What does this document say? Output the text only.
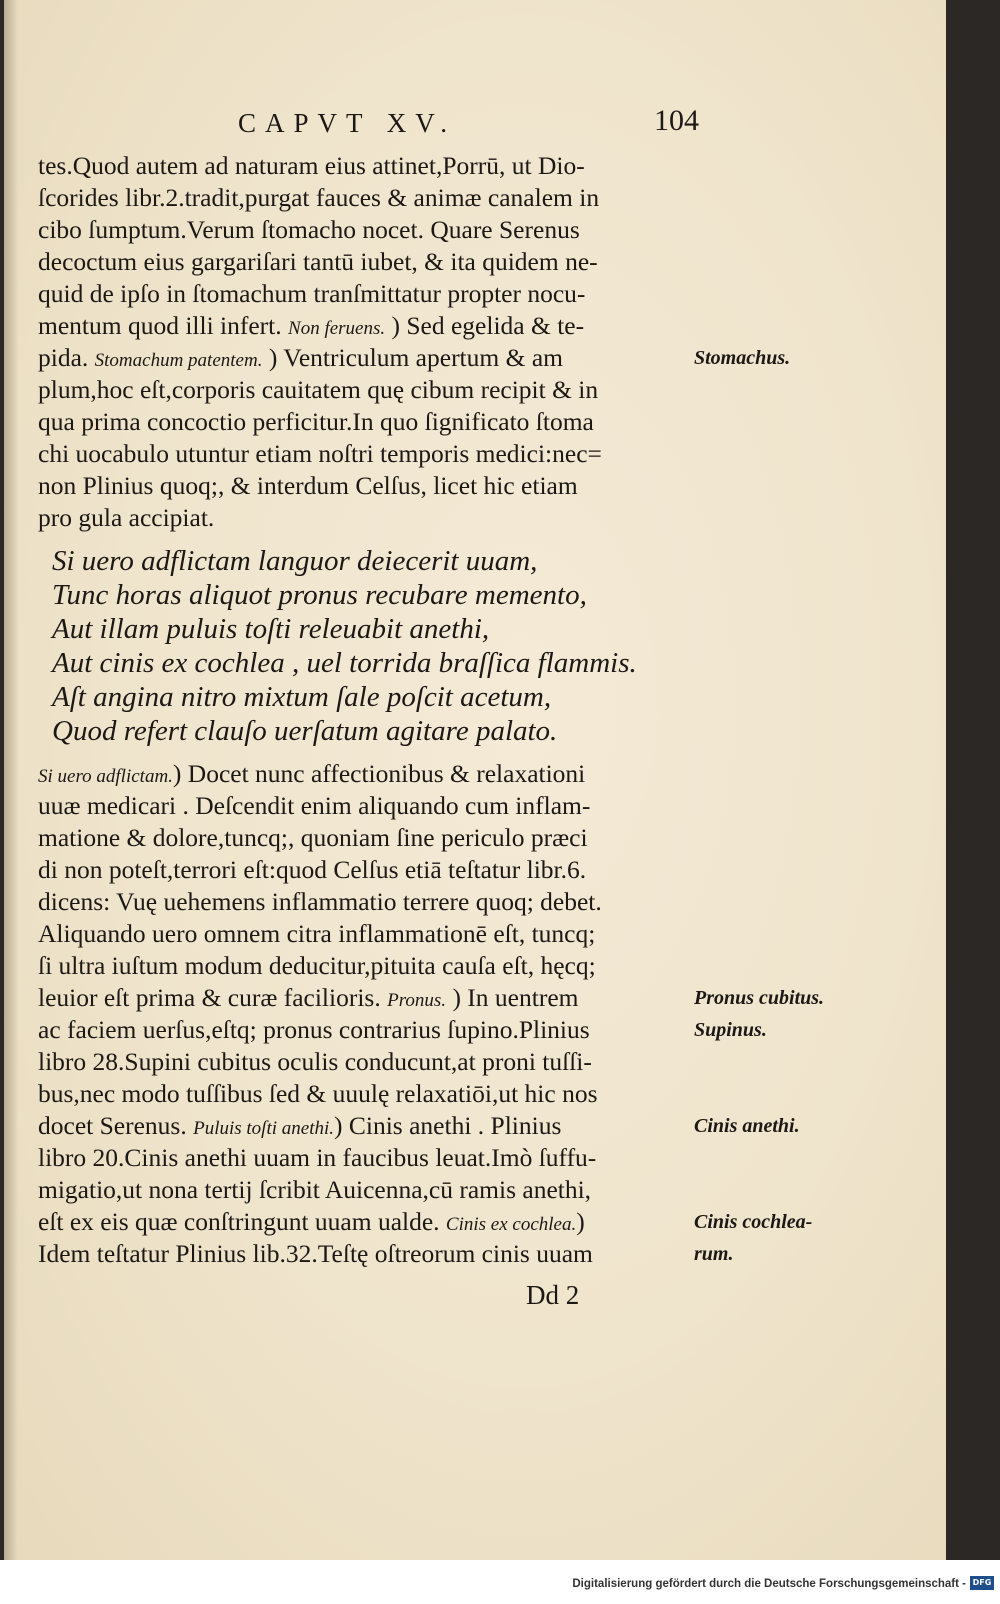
CAPVT XV.	104
tes.Quod autem ad naturam eius attinet,Porrū, ut Dio-
ſcorides libr.2.tradit,purgat fauces & animæ canalem in
cibo ſumptum.Verum ſtomacho nocet. Quare Serenus
decoctum eius gargariſari tantū iubet, & ita quidem ne-
quid de ipſo in ſtomachum tranſmittatur propter nocu-
mentum quod illi infert. Non feruens. ) Sed egelida & te-
pida. Stomachum patentem. ) Ventriculum apertum & am
plum,hoc eſt,corporis cauitatem quę cibum recipit & in
qua prima concoctio perficitur.In quo ſignificato ſtoma
chi uocabulo utuntur etiam noſtri temporis medici:nec=
non Plinius quoq;, & interdum Celſus, licet hic etiam
pro gula accipiat.
Si uero adflictam languor deiecerit uuam,
Tunc horas aliquot pronus recubare memento,
Aut illam puluis toſti releuabit anethi,
Aut cinis ex cochlea , uel torrida braſſica flammis.
Aſt angina nitro mixtum ſale poſcit acetum,
Quod refert clauſo uerſatum agitare palato.
Si uero adflictam.) Docet nunc affectionibus & relaxationi
uuæ medicari . Deſcendit enim aliquando cum inflam-
matione & dolore,tuncq;, quoniam ſine periculo præci
di non poteſt,terrori eſt:quod Celſus etiā teſtatur libr.6.
dicens: Vuę uehemens inflammatio terrere quoq; debet.
Aliquando uero omnem citra inflammationē eſt, tuncq;
ſi ultra iuſtum modum deducitur,pituita cauſa eſt, hęcq;
leuior eſt prima & curæ facilioris. Pronus. ) In uentrem
ac faciem uerſus,eſtq; pronus contrarius ſupino.Plinius
libro 28.Supini cubitus oculis conducunt,at proni tuſſi-
bus,nec modo tuſſibus ſed & uuulę relaxatiōi,ut hic nos
docet Serenus. Puluis toſti anethi.) Cinis anethi . Plinius
libro 20.Cinis anethi uuam in faucibus leuat.Imò ſuffu-
migatio,ut nona tertij ſcribit Auicenna,cū ramis anethi,
eſt ex eis quæ conſtringunt uuam ualde. Cinis ex cochlea.)
Idem teſtatur Plinius lib.32.Teſtę oſtreorum cinis uuam
Stomachus.
Pronus cubitus.
Supinus.
Cinis anethi.
Cinis cochlea-
rum.
Dd 2
Digitalisierung gefördert durch die Deutsche Forschungsgemeinschaft - DFG
